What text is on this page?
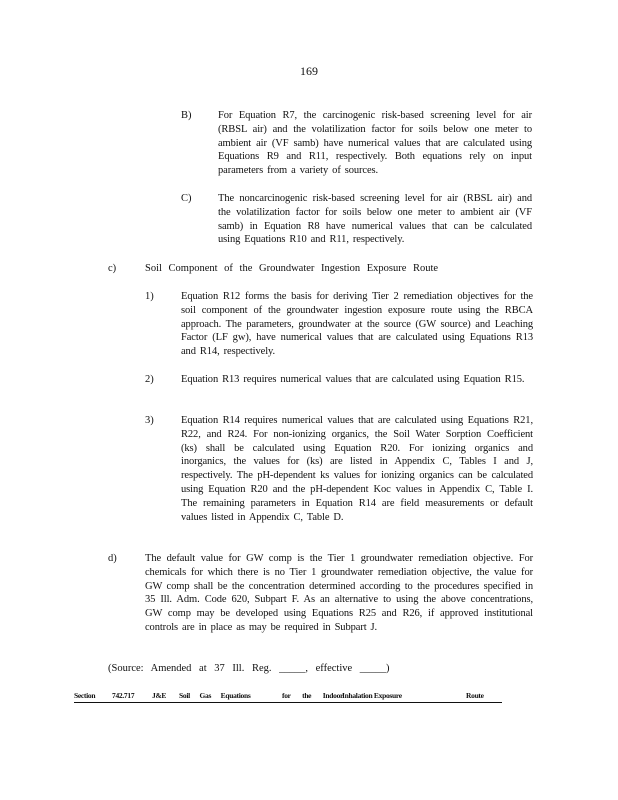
169
B)	For Equation R7, the carcinogenic risk-based screening level for air (RBSL air) and the volatilization factor for soils below one meter to ambient air (VF samb) have numerical values that are calculated using Equations R9 and R11, respectively. Both equations rely on input parameters from a variety of sources.
C)	The noncarcinogenic risk-based screening level for air (RBSL air) and the volatilization factor for soils below one meter to ambient air (VF samb) in Equation R8 have numerical values that can be calculated using Equations R10 and R11, respectively.
c)	Soil Component of the Groundwater Ingestion Exposure Route
1)	Equation R12 forms the basis for deriving Tier 2 remediation objectives for the soil component of the groundwater ingestion exposure route using the RBCA approach. The parameters, groundwater at the source (GW source) and Leaching Factor (LF gw), have numerical values that are calculated using Equations R13 and R14, respectively.
2)	Equation R13 requires numerical values that are calculated using Equation R15.
3)	Equation R14 requires numerical values that are calculated using Equations R21, R22, and R24. For non-ionizing organics, the Soil Water Sorption Coefficient (ks) shall be calculated using Equation R20. For ionizing organics and inorganics, the values for (ks) are listed in Appendix C, Tables I and J, respectively. The pH-dependent ks values for ionizing organics can be calculated using Equation R20 and the pH-dependent Koc values in Appendix C, Table I. The remaining parameters in Equation R14 are field measurements or default values listed in Appendix C, Table D.
d)	The default value for GW comp is the Tier 1 groundwater remediation objective. For chemicals for which there is no Tier 1 groundwater remediation objective, the value for GW comp shall be the concentration determined according to the procedures specified in 35 Ill. Adm. Code 620, Subpart F. As an alternative to using the above concentrations, GW comp may be developed using Equations R25 and R26, if approved institutional controls are in place as may be required in Subpart J.
(Source: Amended at 37 Ill. Reg. _____, effective _____)
Section 742.717 J&E Soil Gas Equations	for the Indoor
Inhalation Exposure	Route
